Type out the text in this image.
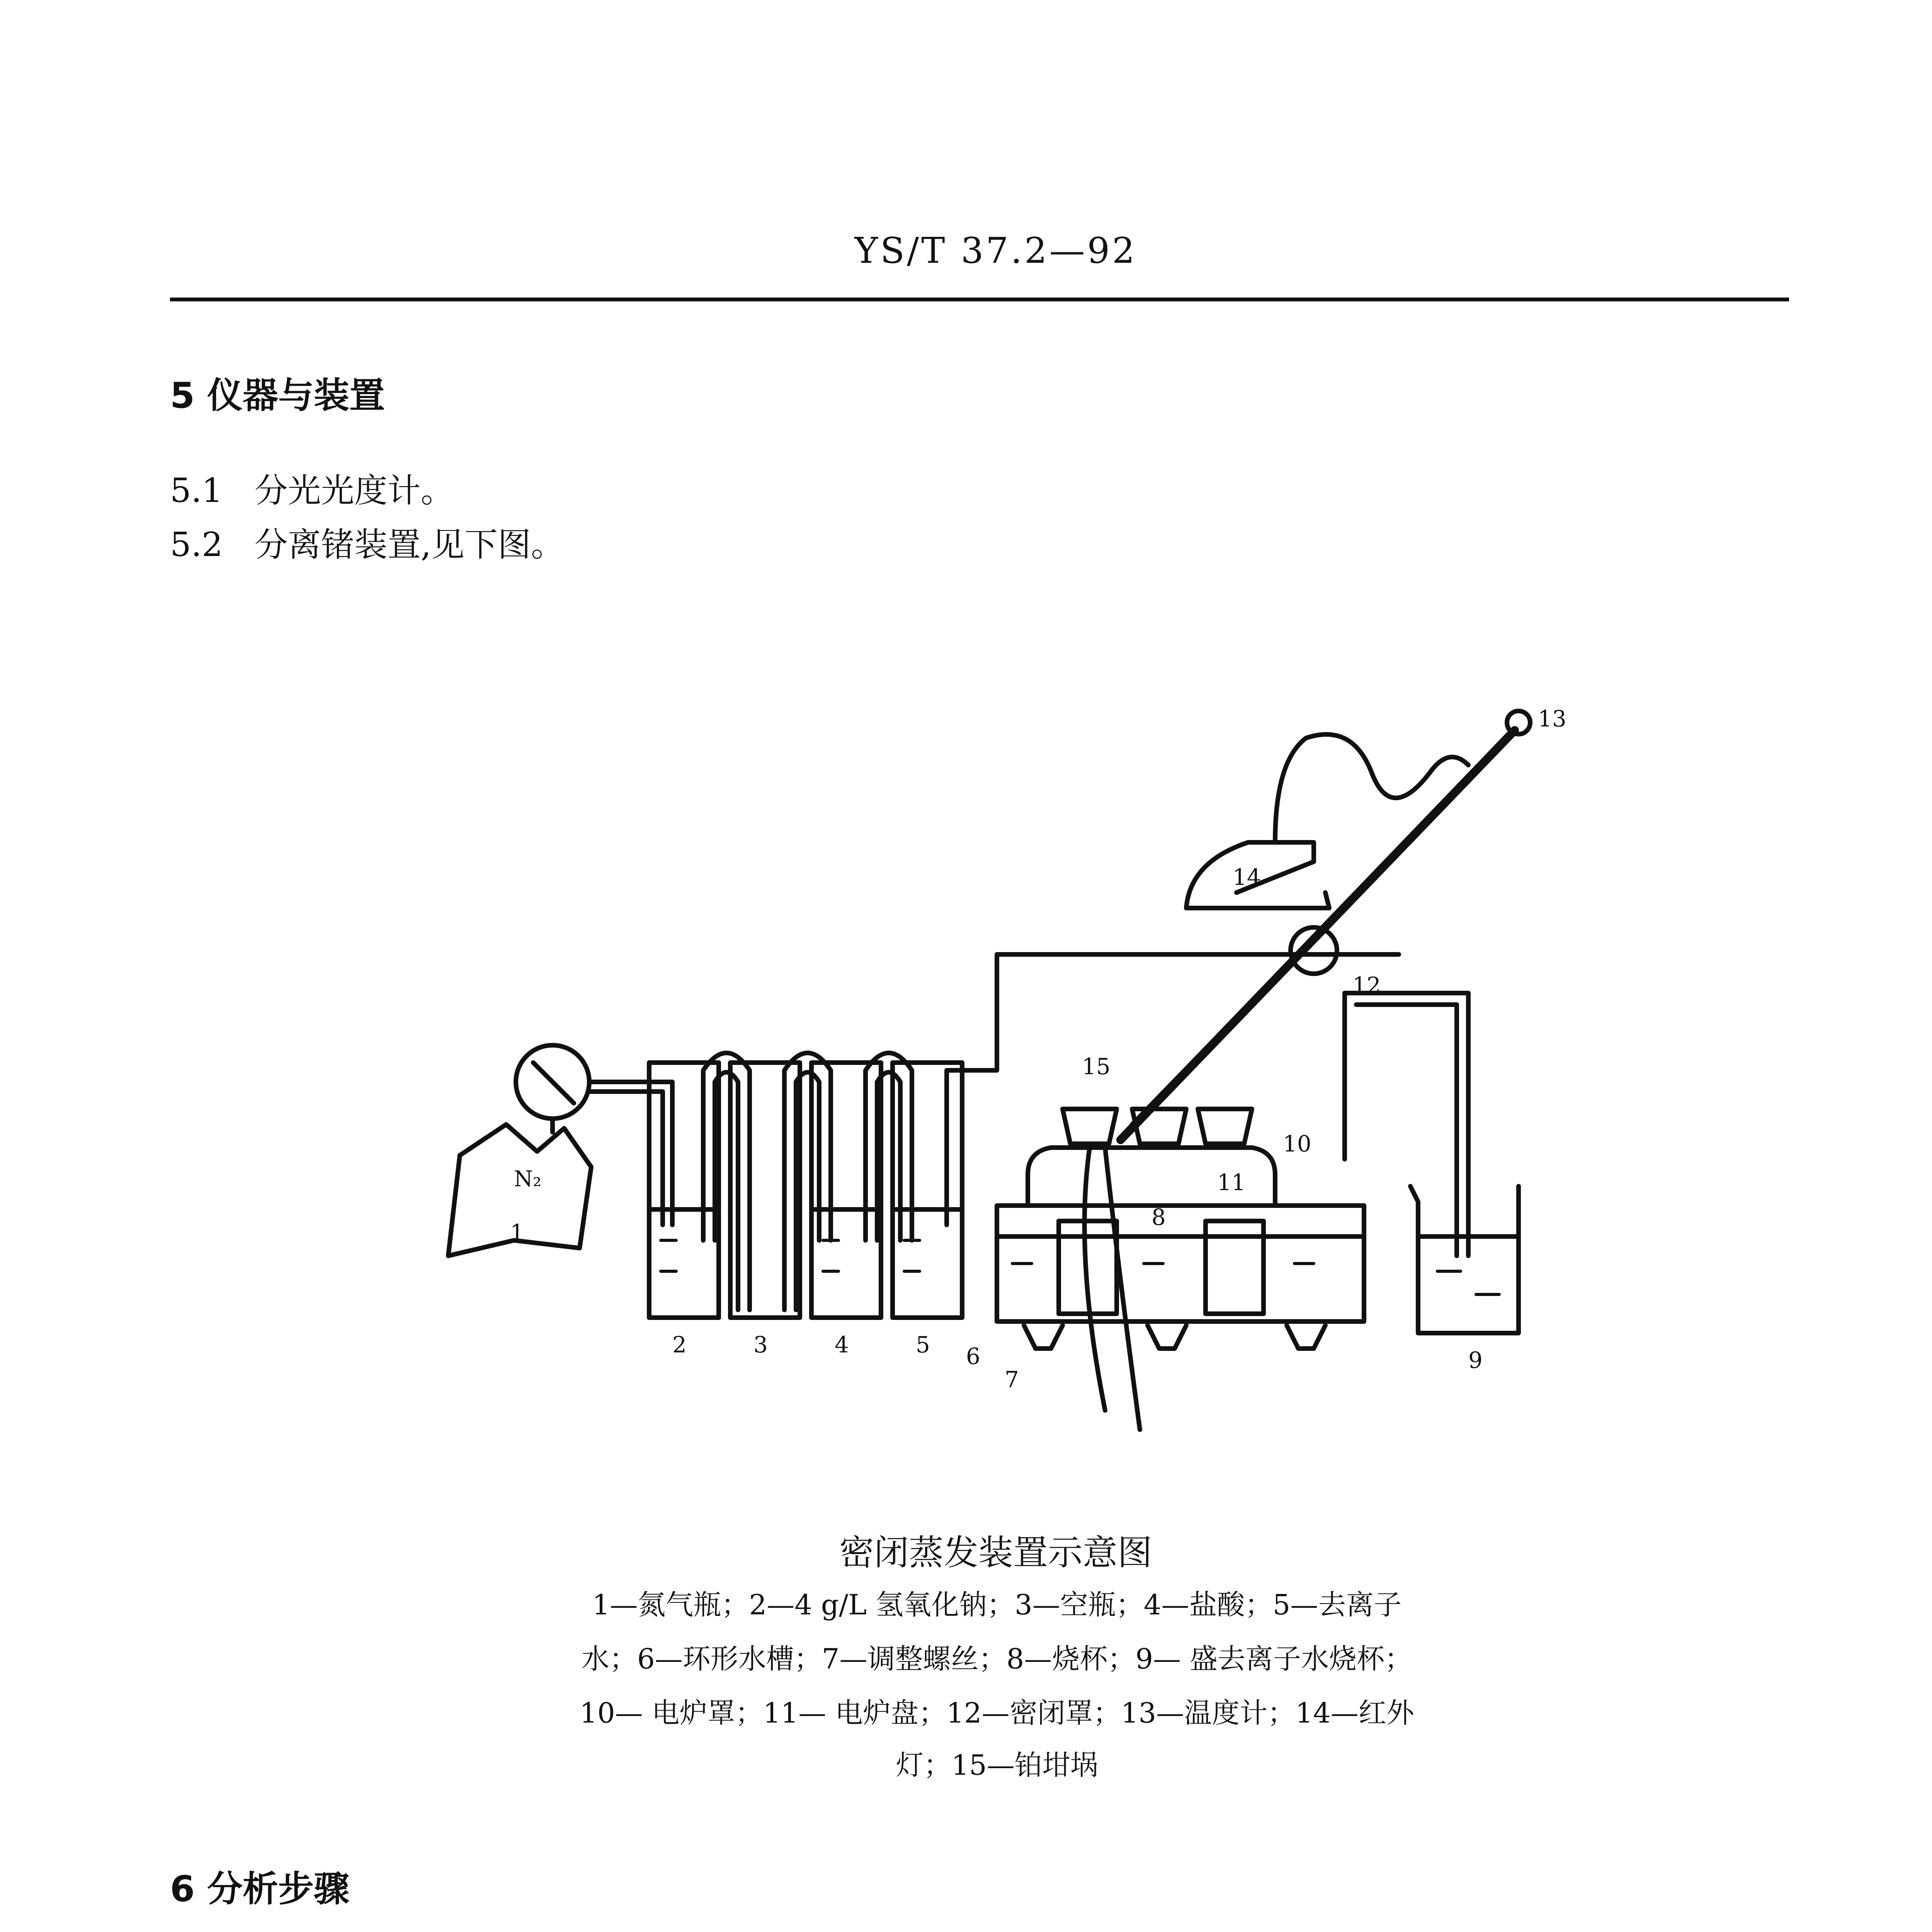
YS/T 37.2—92
5 仪器与装置
5.1 分光光度计。
5.2 分离锗装置,见下图。
N₂
1
2	3	4	5 6
7
8
9
10
11
12
13
14
15
密闭蒸发装置示意图
1—氮气瓶；2—4 g/L 氢氧化钠；3—空瓶；4—盐酸；5—去离子
水；6—环形水槽；7—调整螺丝；8—烧杯；9— 盛去离子水烧杯；
10— 电炉罩；11— 电炉盘；12—密闭罩；13—温度计；14—红外
灯；15—铂坩埚
6 分析步骤
